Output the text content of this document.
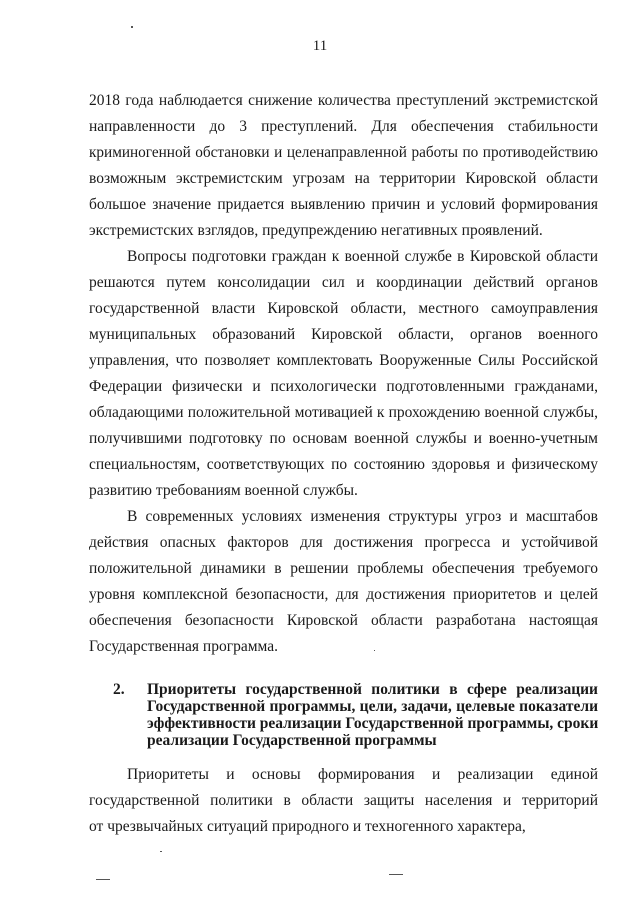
11
2018 года наблюдается снижение количества преступлений экстремистской
направленности до 3 преступлений. Для обеспечения стабильности
криминогенной обстановки и целенаправленной работы по противодействию
возможным экстремистским угрозам на территории Кировской области
большое значение придается выявлению причин и условий формирования
экстремистских взглядов, предупреждению негативных проявлений.
Вопросы подготовки граждан к военной службе в Кировской области
решаются путем консолидации сил и координации действий органов
государственной власти Кировской области, местного самоуправления
муниципальных образований Кировской области, органов военного
управления, что позволяет комплектовать Вооруженные Силы Российской
Федерации физически и психологически подготовленными гражданами,
обладающими положительной мотивацией к прохождению военной службы,
получившими подготовку по основам военной службы и военно-учетным
специальностям, соответствующих по состоянию здоровья и физическому
развитию требованиям военной службы.
В современных условиях изменения структуры угроз и масштабов
действия опасных факторов для достижения прогресса и устойчивой
положительной динамики в решении проблемы обеспечения требуемого
уровня комплексной безопасности, для достижения приоритетов и целей
обеспечения безопасности Кировской области разработана настоящая
Государственная программа.
2. Приоритеты государственной политики в сфере реализации
Государственной программы, цели, задачи, целевые показатели
эффективности реализации Государственной программы, сроки
реализации Государственной программы
Приоритеты и основы формирования и реализации единой
государственной политики в области защиты населения и территорий
от чрезвычайных ситуаций природного и техногенного характера,
